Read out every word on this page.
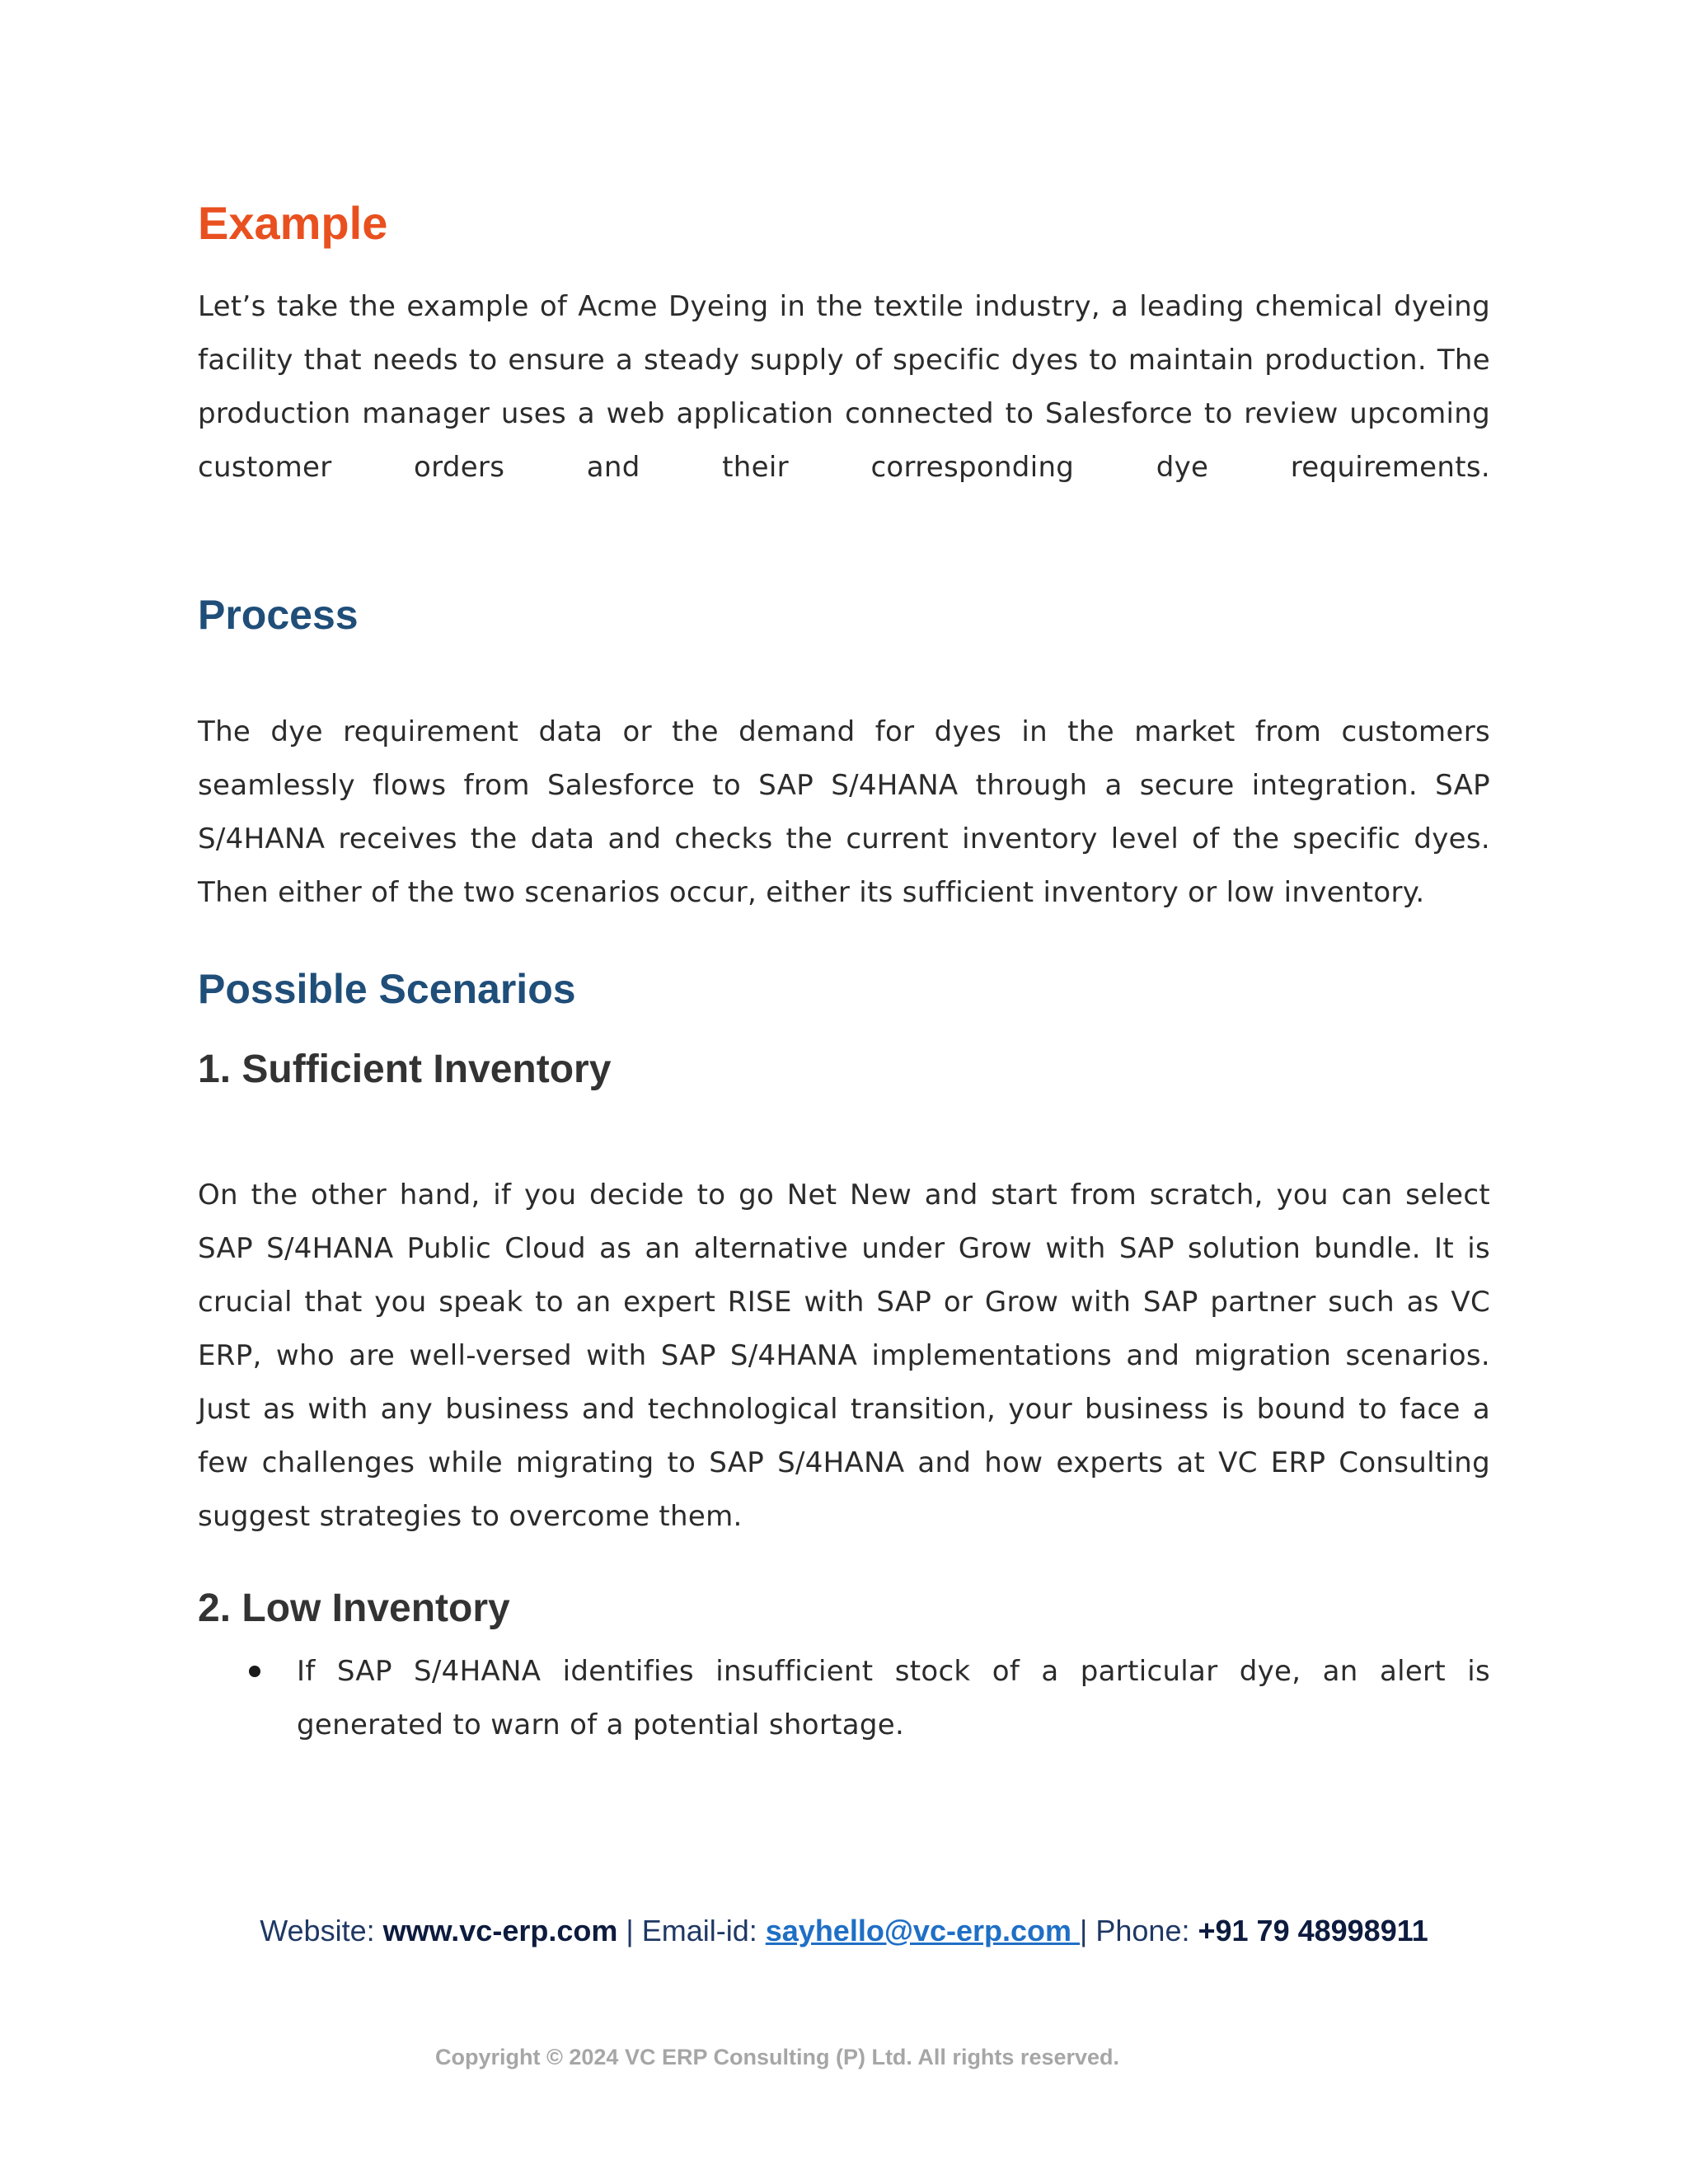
Example

Let’s take the example of Acme Dyeing in the textile industry, a leading chemical dyeing facility that needs to ensure a steady supply of specific dyes to maintain production. The production manager uses a web application connected to Salesforce to review upcoming customer orders and their corresponding dye requirements.

Process

The dye requirement data or the demand for dyes in the market from customers seamlessly flows from Salesforce to SAP S/4HANA through a secure integration. SAP S/4HANA receives the data and checks the current inventory level of the specific dyes. Then either of the two scenarios occur, either its sufficient inventory or low inventory.

Possible Scenarios
1. Sufficient Inventory

On the other hand, if you decide to go Net New and start from scratch, you can select SAP S/4HANA Public Cloud as an alternative under Grow with SAP solution bundle. It is crucial that you speak to an expert RISE with SAP or Grow with SAP partner such as VC ERP, who are well-versed with SAP S/4HANA implementations and migration scenarios. Just as with any business and technological transition, your business is bound to face a few challenges while migrating to SAP S/4HANA and how experts at VC ERP Consulting suggest strategies to overcome them.

2. Low Inventory
If SAP S/4HANA identifies insufficient stock of a particular dye, an alert is generated to warn of a potential shortage.
Website: www.vc-erp.com | Email-id: sayhello@vc-erp.com | Phone: +91 79 48998911
Copyright © 2024 VC ERP Consulting (P) Ltd. All rights reserved.
